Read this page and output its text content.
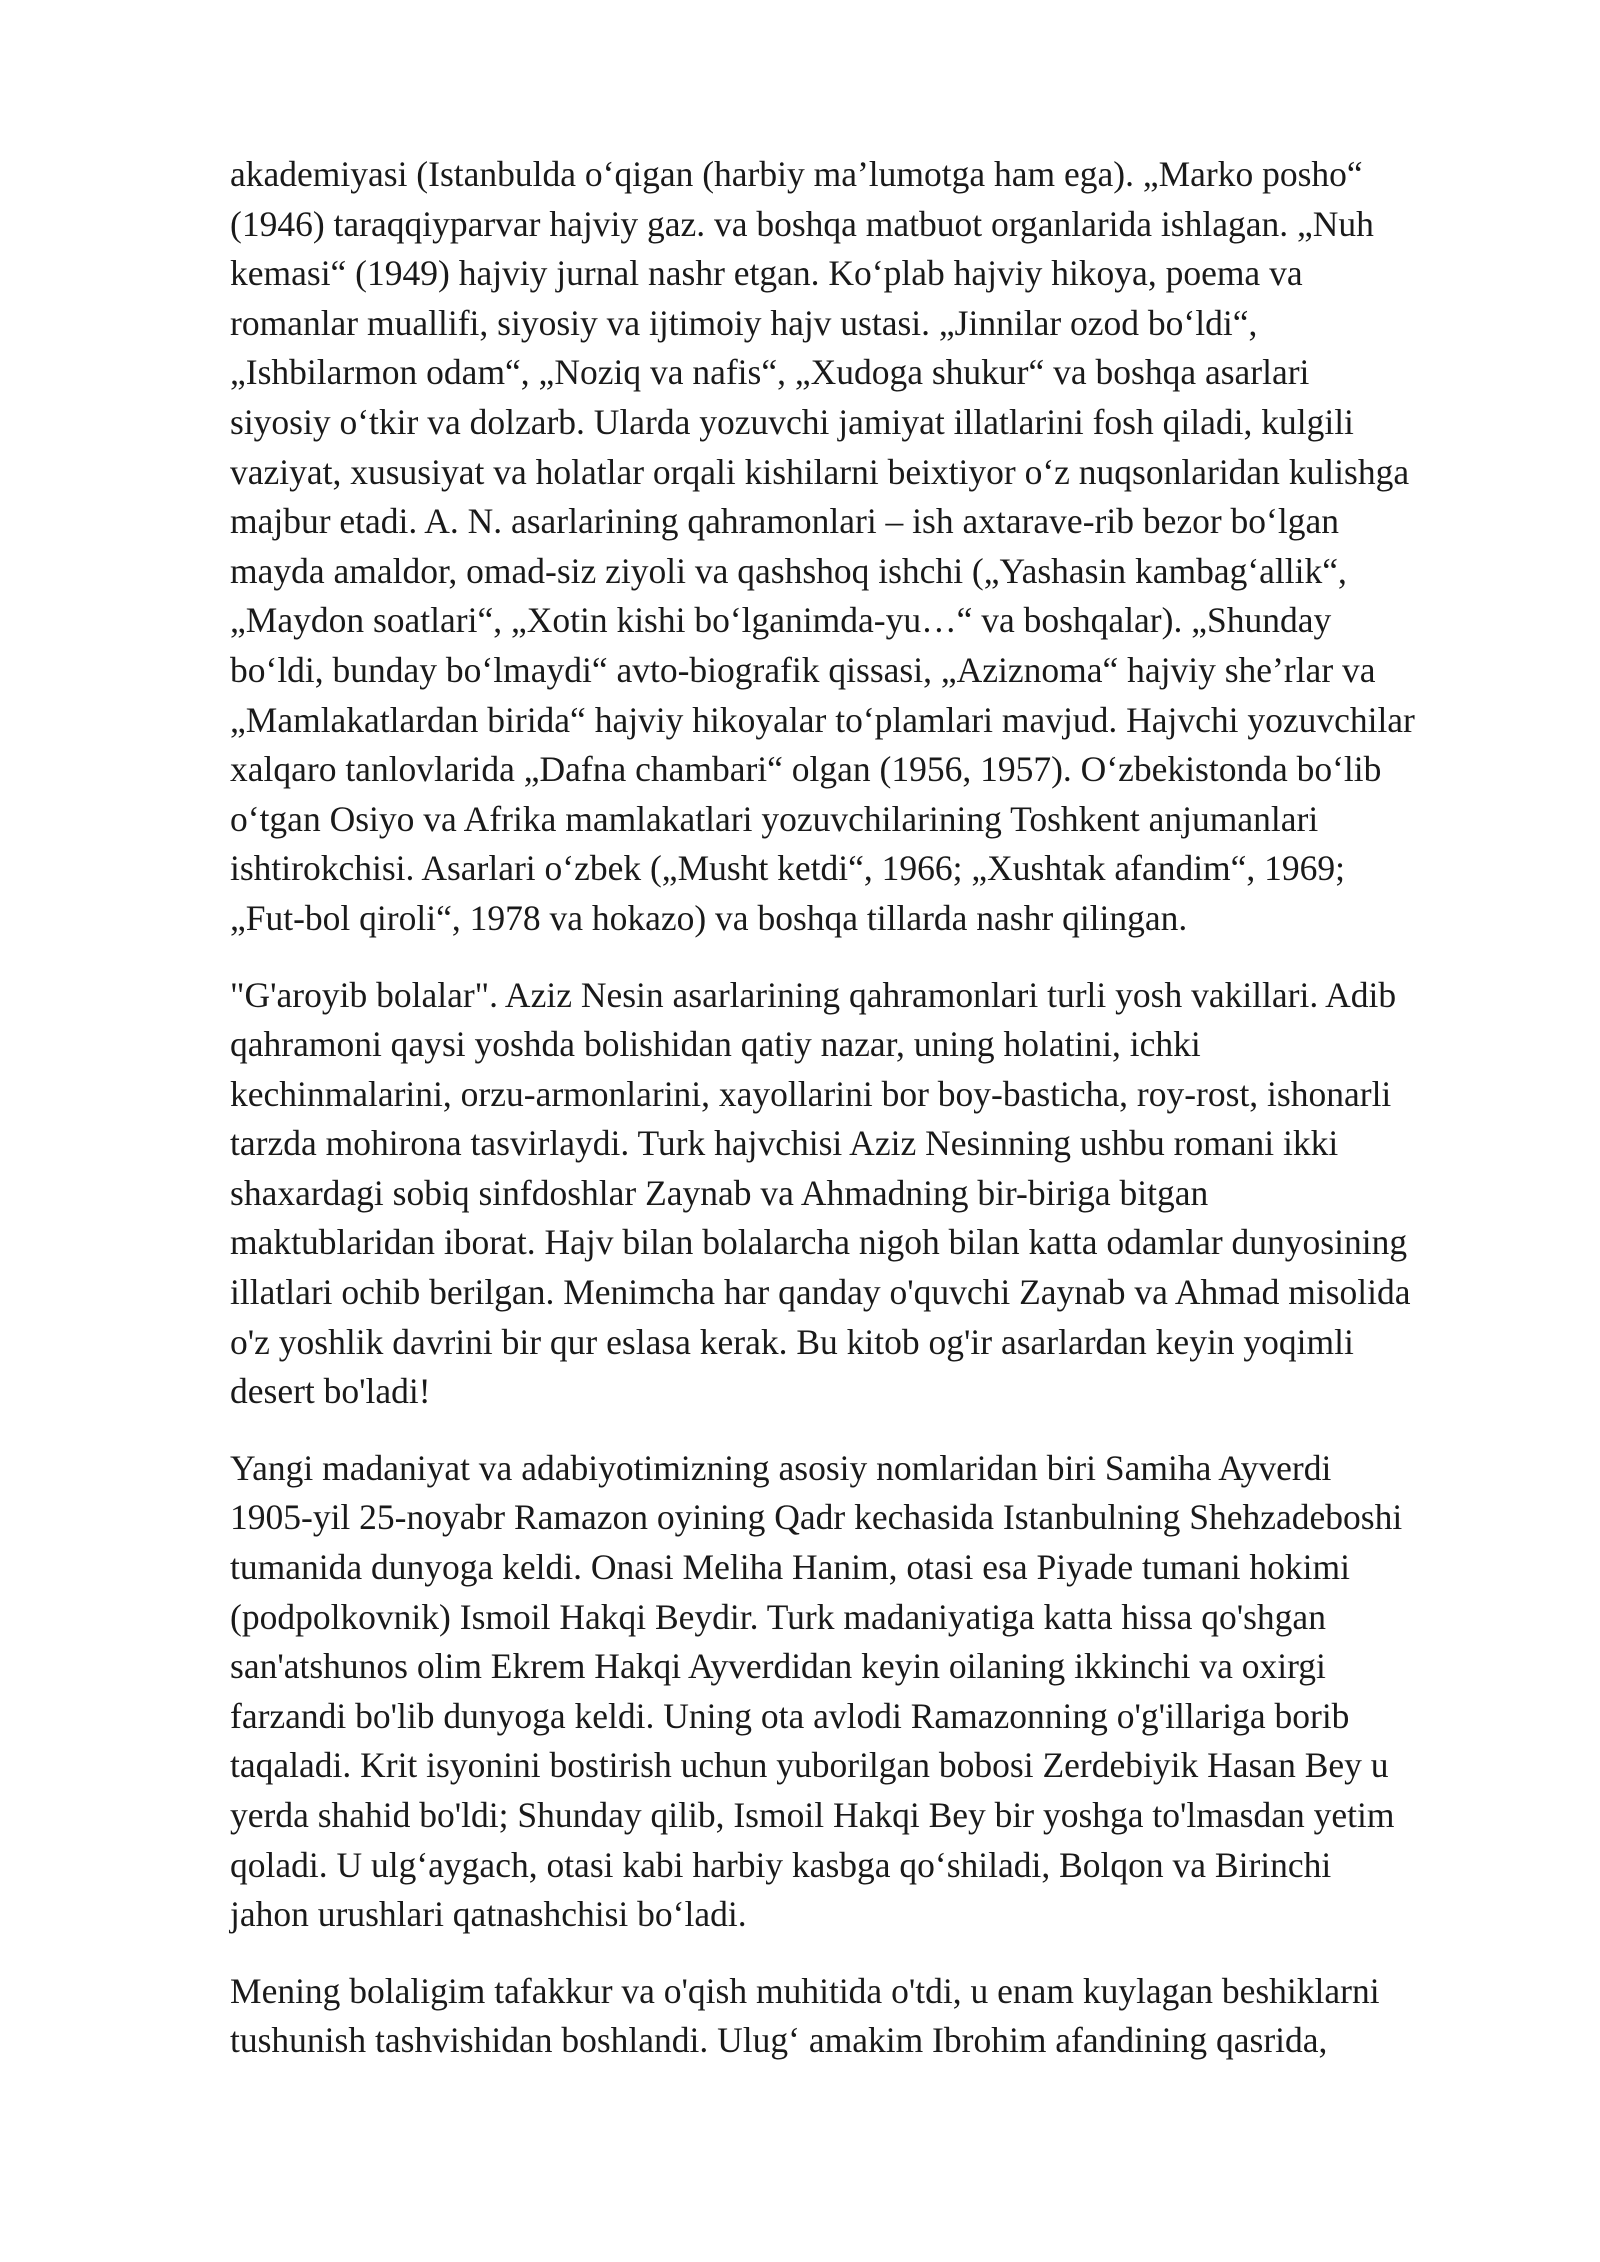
akademiyasi (Istanbulda o‘qigan (harbiy ma’lumotga ham ega). „Marko posho“
(1946) taraqqiyparvar hajviy gaz. va boshqa matbuot organlarida ishlagan. „Nuh
kemasi“ (1949) hajviy jurnal nashr etgan. Ko‘plab hajviy hikoya, poema va
romanlar muallifi, siyosiy va ijtimoiy hajv ustasi. „Jinnilar ozod bo‘ldi“,
„Ishbilarmon odam“, „Noziq va nafis“, „Xudoga shukur“ va boshqa asarlari
siyosiy o‘tkir va dolzarb. Ularda yozuvchi jamiyat illatlarini fosh qiladi, kulgili
vaziyat, xususiyat va holatlar orqali kishilarni beixtiyor o‘z nuqsonlaridan kulishga
majbur etadi. A. N. asarlarining qahramonlari – ish axtarave-rib bezor bo‘lgan
mayda amaldor, omad-siz ziyoli va qashshoq ishchi („Yashasin kambag‘allik“,
„Maydon soatlari“, „Xotin kishi bo‘lganimda-yu…“ va boshqalar). „Shunday
bo‘ldi, bunday bo‘lmaydi“ avto-biografik qissasi, „Aziznoma“ hajviy she’rlar va
„Mamlakatlardan birida“ hajviy hikoyalar to‘plamlari mavjud. Hajvchi yozuvchilar
xalqaro tanlovlarida „Dafna chambari“ olgan (1956, 1957). O‘zbekistonda bo‘lib
o‘tgan Osiyo va Afrika mamlakatlari yozuvchilarining Toshkent anjumanlari
ishtirokchisi. Asarlari o‘zbek („Musht ketdi“, 1966; „Xushtak afandim“, 1969;
„Fut-bol qiroli“, 1978 va hokazo) va boshqa tillarda nashr qilingan.

"G'aroyib bolalar". Aziz Nesin asarlarining qahramonlari turli yosh vakillari. Adib
qahramoni qaysi yoshda bolishidan qatiy nazar, uning holatini, ichki
kechinmalarini, orzu-armonlarini, xayollarini bor boy-basticha, roy-rost, ishonarli
tarzda mohirona tasvirlaydi. Turk hajvchisi Aziz Nesinning ushbu romani ikki
shaxardagi sobiq sinfdoshlar Zaynab va Ahmadning bir-biriga bitgan
maktublaridan iborat. Hajv bilan bolalarcha nigoh bilan katta odamlar dunyosining
illatlari ochib berilgan. Menimcha har qanday o'quvchi Zaynab va Ahmad misolida
o'z yoshlik davrini bir qur eslasa kerak. Bu kitob og'ir asarlardan keyin yoqimli
desert bo'ladi!

Yangi madaniyat va adabiyotimizning asosiy nomlaridan biri Samiha Ayverdi
1905-yil 25-noyabr Ramazon oyining Qadr kechasida Istanbulning Shehzadeboshi
tumanida dunyoga keldi. Onasi Meliha Hanim, otasi esa Piyade tumani hokimi
(podpolkovnik) Ismoil Hakqi Beydir. Turk madaniyatiga katta hissa qo'shgan
san'atshunos olim Ekrem Hakqi Ayverdidan keyin oilaning ikkinchi va oxirgi
farzandi bo'lib dunyoga keldi. Uning ota avlodi Ramazonning o'g'illariga borib
taqaladi. Krit isyonini bostirish uchun yuborilgan bobosi Zerdebiyik Hasan Bey u
yerda shahid bo'ldi; Shunday qilib, Ismoil Hakqi Bey bir yoshga to'lmasdan yetim
qoladi. U ulg‘aygach, otasi kabi harbiy kasbga qo‘shiladi, Bolqon va Birinchi
jahon urushlari qatnashchisi bo‘ladi.

Mening bolaligim tafakkur va o'qish muhitida o'tdi, u enam kuylagan beshiklarni
tushunish tashvishidan boshlandi. Ulug‘ amakim Ibrohim afandining qasrida,
